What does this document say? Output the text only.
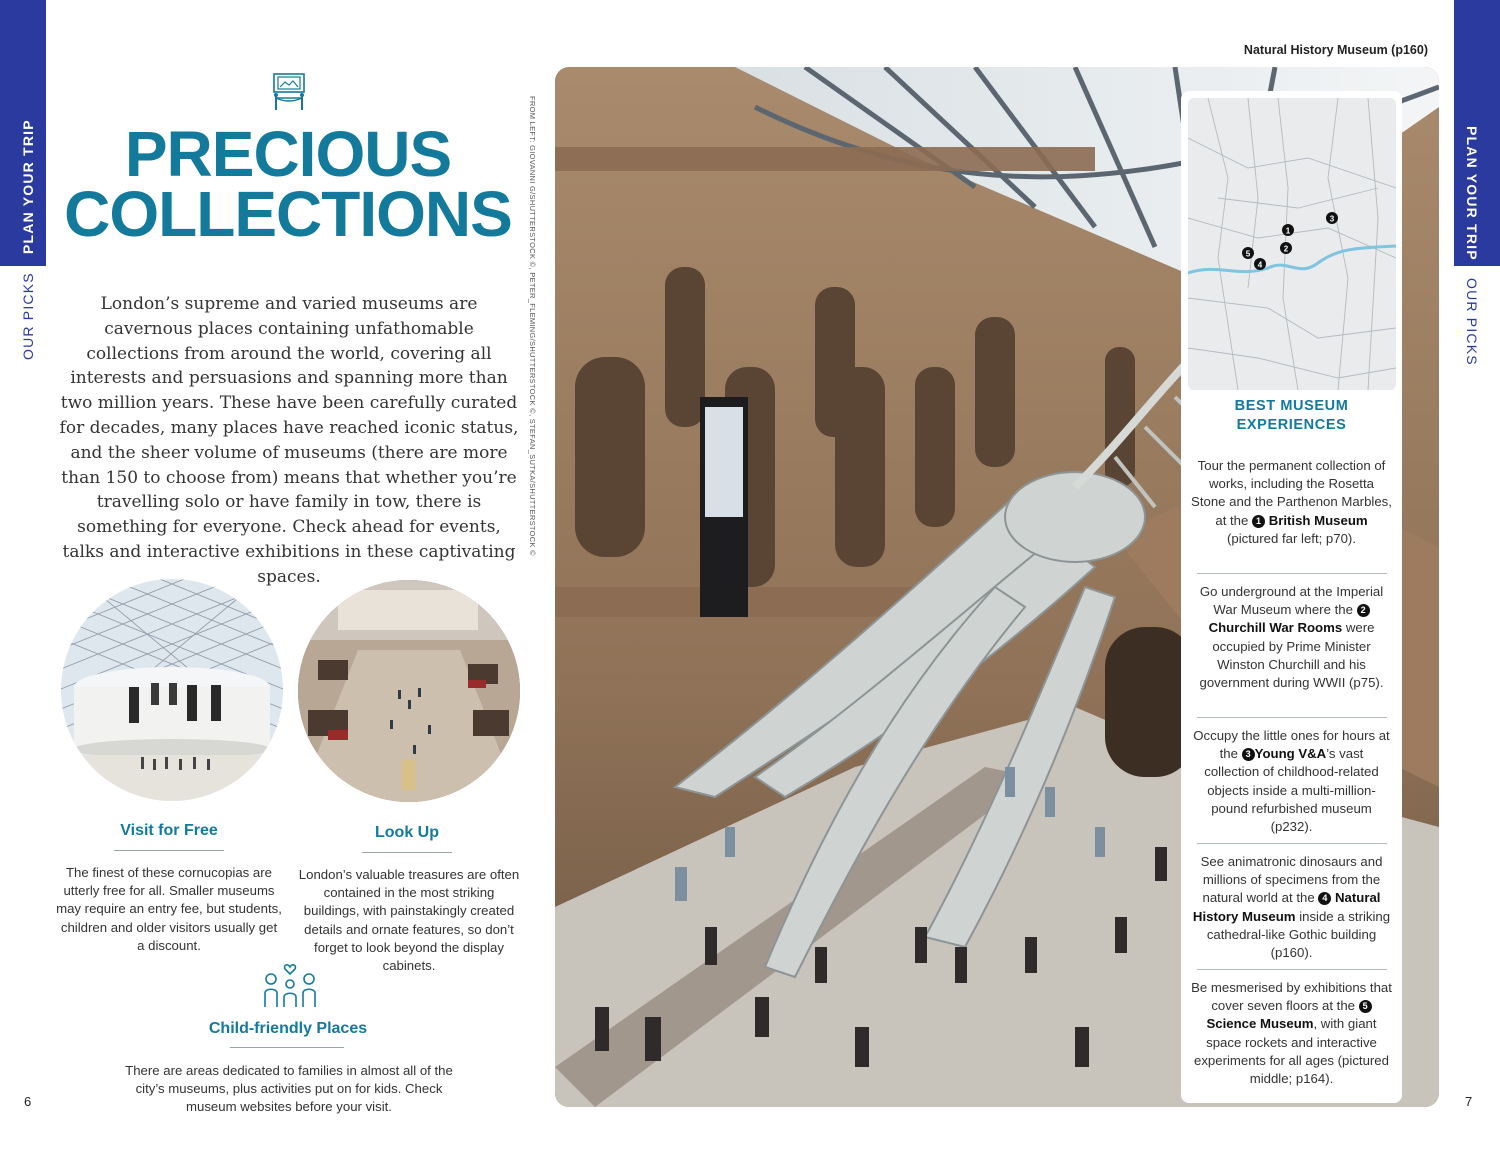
PLAN YOUR TRIP
OUR PICKS
PLAN YOUR TRIP
OUR PICKS
6	7
PRECIOUS
COLLECTIONS

London’s supreme and varied museums are cavernous places containing unfathomable collections from around the world, covering all interests and persuasions and spanning more than two million years. These have been carefully curated for decades, many places have reached iconic status, and the sheer volume of museums (there are more than 150 to choose from) means that whether you’re travelling solo or have family in tow, there is something for everyone. Check ahead for events, talks and interactive exhibitions in these captivating spaces.

Visit for Free

The finest of these cornucopias are utterly free for all. Smaller museums may require an entry fee, but students, children and older visitors usually get a discount.

Look Up

London’s valuable treasures are often contained in the most striking buildings, with painstakingly created details and ornate features, so don’t forget to look beyond the display cabinets.

Child-friendly Places

There are areas dedicated to families in almost all of the city’s museums, plus activities put on for kids. Check museum websites before your visit.

FROM LEFT: GIOVANNI G/SHUTTERSTOCK ©, PETER_FLEMING/SHUTTERSTOCK ©, STEFAN_SUTKA/SHUTTERSTOCK ©
Natural History Museum (p160)
1
2
3
4
5
BEST MUSEUM
EXPERIENCES

Tour the permanent collection of works, including the Rosetta Stone and the Parthenon Marbles, at the 1 British Museum (pictured far left; p70).

Go underground at the Imperial War Museum where the 2 Churchill War Rooms were occupied by Prime Minister Winston Churchill and his government during WWII (p75).

Occupy the little ones for hours at the 3 Young V&A’s vast collection of childhood-related objects inside a multi-million-pound refurbished museum (p232).

See animatronic dinosaurs and millions of specimens from the natural world at the 4 Natural History Museum inside a striking cathedral-like Gothic building (p160).

Be mesmerised by exhibitions that cover seven floors at the 5 Science Museum, with giant space rockets and interactive experiments for all ages (pictured middle; p164).
